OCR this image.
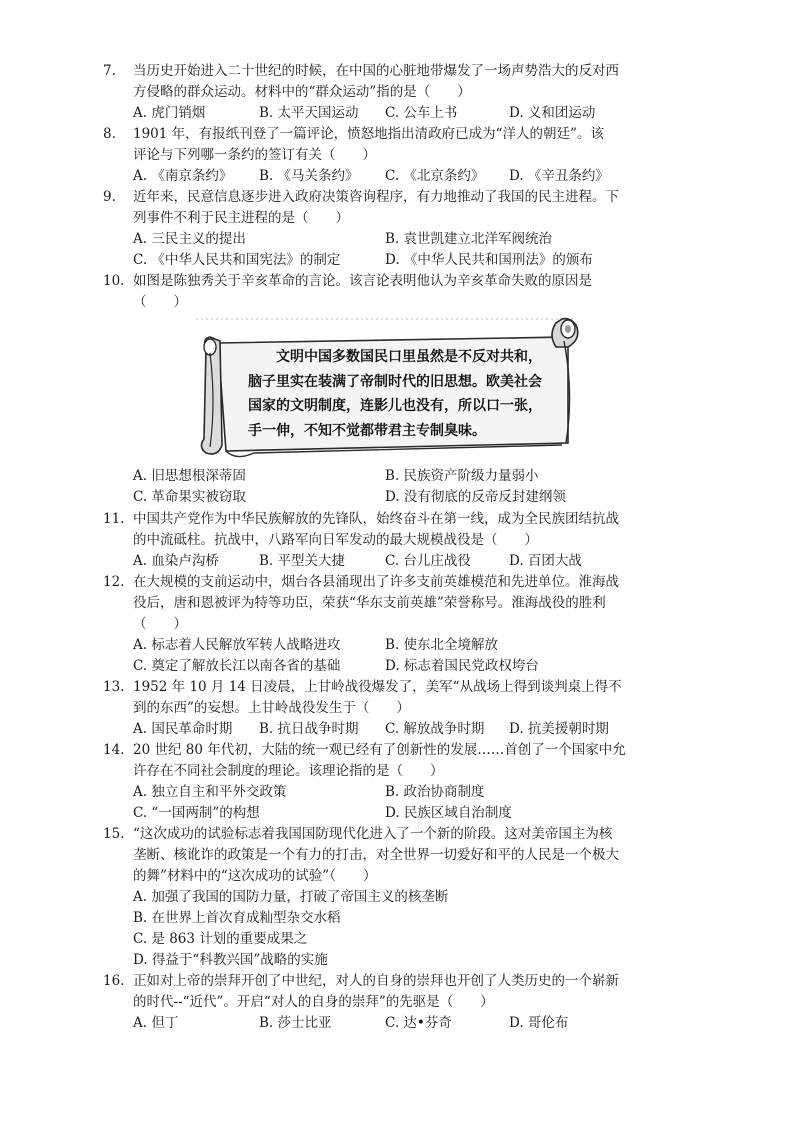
7.	当历史开始进入二十世纪的时候，在中国的心脏地带爆发了一场声势浩大的反对西
方侵略的群众运动。材料中的“群众运动”指的是（　　）
A. 虎门销烟	B. 太平天国运动	C. 公车上书	D. 义和团运动
8.	1901 年，有报纸刊登了一篇评论，愤怒地指出清政府已成为“洋人的朝廷”。该
评论与下列哪一条约的签订有关（　　）
A. 《南京条约》	B. 《马关条约》	C. 《北京条约》	D. 《辛丑条约》
9.	近年来，民意信息逐步进入政府决策咨询程序，有力地推动了我国的民主进程。下
列事件不利于民主进程的是（　　）
A. 三民主义的提出	B. 袁世凯建立北洋军阀统治
C. 《中华人民共和国宪法》的制定	D. 《中华人民共和国刑法》的颁布
10. 如图是陈独秀关于辛亥革命的言论。该言论表明他认为辛亥革命失败的原因是
（　　）
　　文明中国多数国民口里虽然是不反对共和，
脑子里实在装满了帝制时代的旧思想。欧美社会
国家的文明制度，连影儿也没有，所以口一张，
手一伸，不知不觉都带君主专制臭味。
A. 旧思想根深蒂固	B. 民族资产阶级力量弱小
C. 革命果实被窃取	D. 没有彻底的反帝反封建纲领
11. 中国共产党作为中华民族解放的先锋队，始终奋斗在第一线，成为全民族团结抗战
的中流砥柱。抗战中，八路军向日军发动的最大规模战役是（　　）
A. 血染卢沟桥	B. 平型关大捷	C. 台儿庄战役	D. 百团大战
12. 在大规模的支前运动中，烟台各县涌现出了许多支前英雄模范和先进单位。淮海战
役后，唐和恩被评为特等功臣，荣获“华东支前英雄”荣誉称号。淮海战役的胜利
（　　）
A. 标志着人民解放军转人战略进攻	B. 使东北全境解放
C. 奠定了解放长江以南各省的基础	D. 标志着国民党政权垮台
13. 1952 年 10 月 14 日凌晨，上甘岭战役爆发了，美军“从战场上得到谈判桌上得不
到的东西”的妄想。上甘岭战役发生于（　　）
A. 国民革命时期	B. 抗日战争时期	C. 解放战争时期	D. 抗美援朝时期
14. 20 世纪 80 年代初，大陆的统一观已经有了创新性的发展……首创了一个国家中允
许存在不同社会制度的理论。该理论指的是（　　）
A. 独立自主和平外交政策	B. 政治协商制度
C. “一国两制”的构想	D. 民族区域自治制度
15. “这次成功的试验标志着我国国防现代化进入了一个新的阶段。这对美帝国主为核
垄断、核讹诈的政策是一个有力的打击，对全世界一切爱好和平的人民是一个极大
的舞”材料中的“这次成功的试验”（　　）
A. 加强了我国的国防力量，打破了帝国主义的核垄断
B. 在世界上首次育成籼型杂交水稻
C. 是 863 计划的重要成果之
D. 得益于“科教兴国”战略的实施
16. 正如对上帝的崇拜开创了中世纪，对人的自身的崇拜也开创了人类历史的一个崭新
的时代--“近代”。开启“对人的自身的崇拜”的先驱是（　　）
A. 但丁	B. 莎士比亚	C. 达•芬奇	D. 哥伦布
